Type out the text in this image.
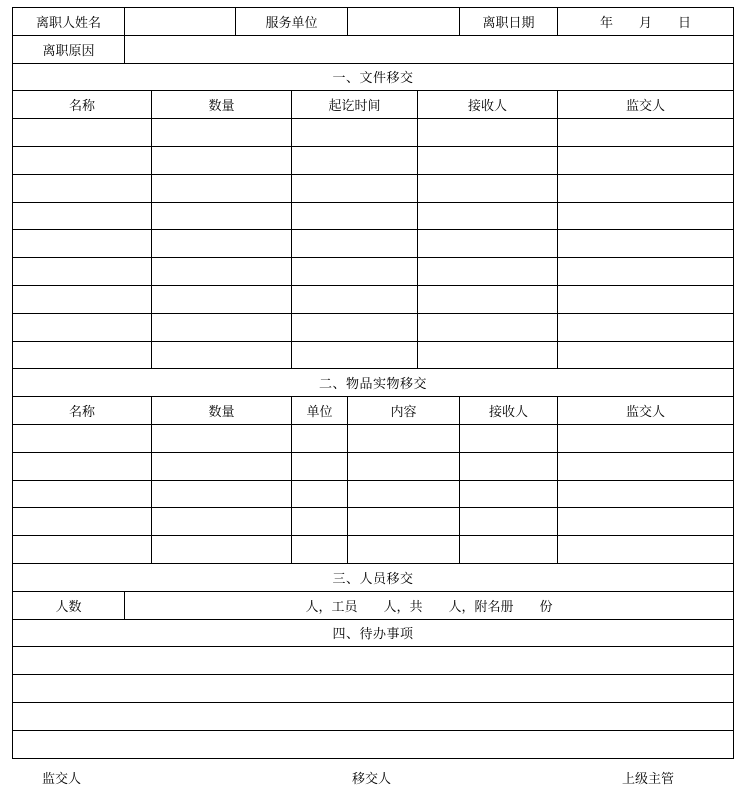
离职人姓名			服务单位				离职日期	年 月 日
离职原因								
一、文件移交								
名称		数量		起讫时间		接收人		监交人

二、物品实物移交								
名称		数量		单位	内容		接收人	监交人

三、人员移交								
人数	人，工员 人，共 人，附名册 份							
四、待办事项								

监交人	移交人	上级主管
